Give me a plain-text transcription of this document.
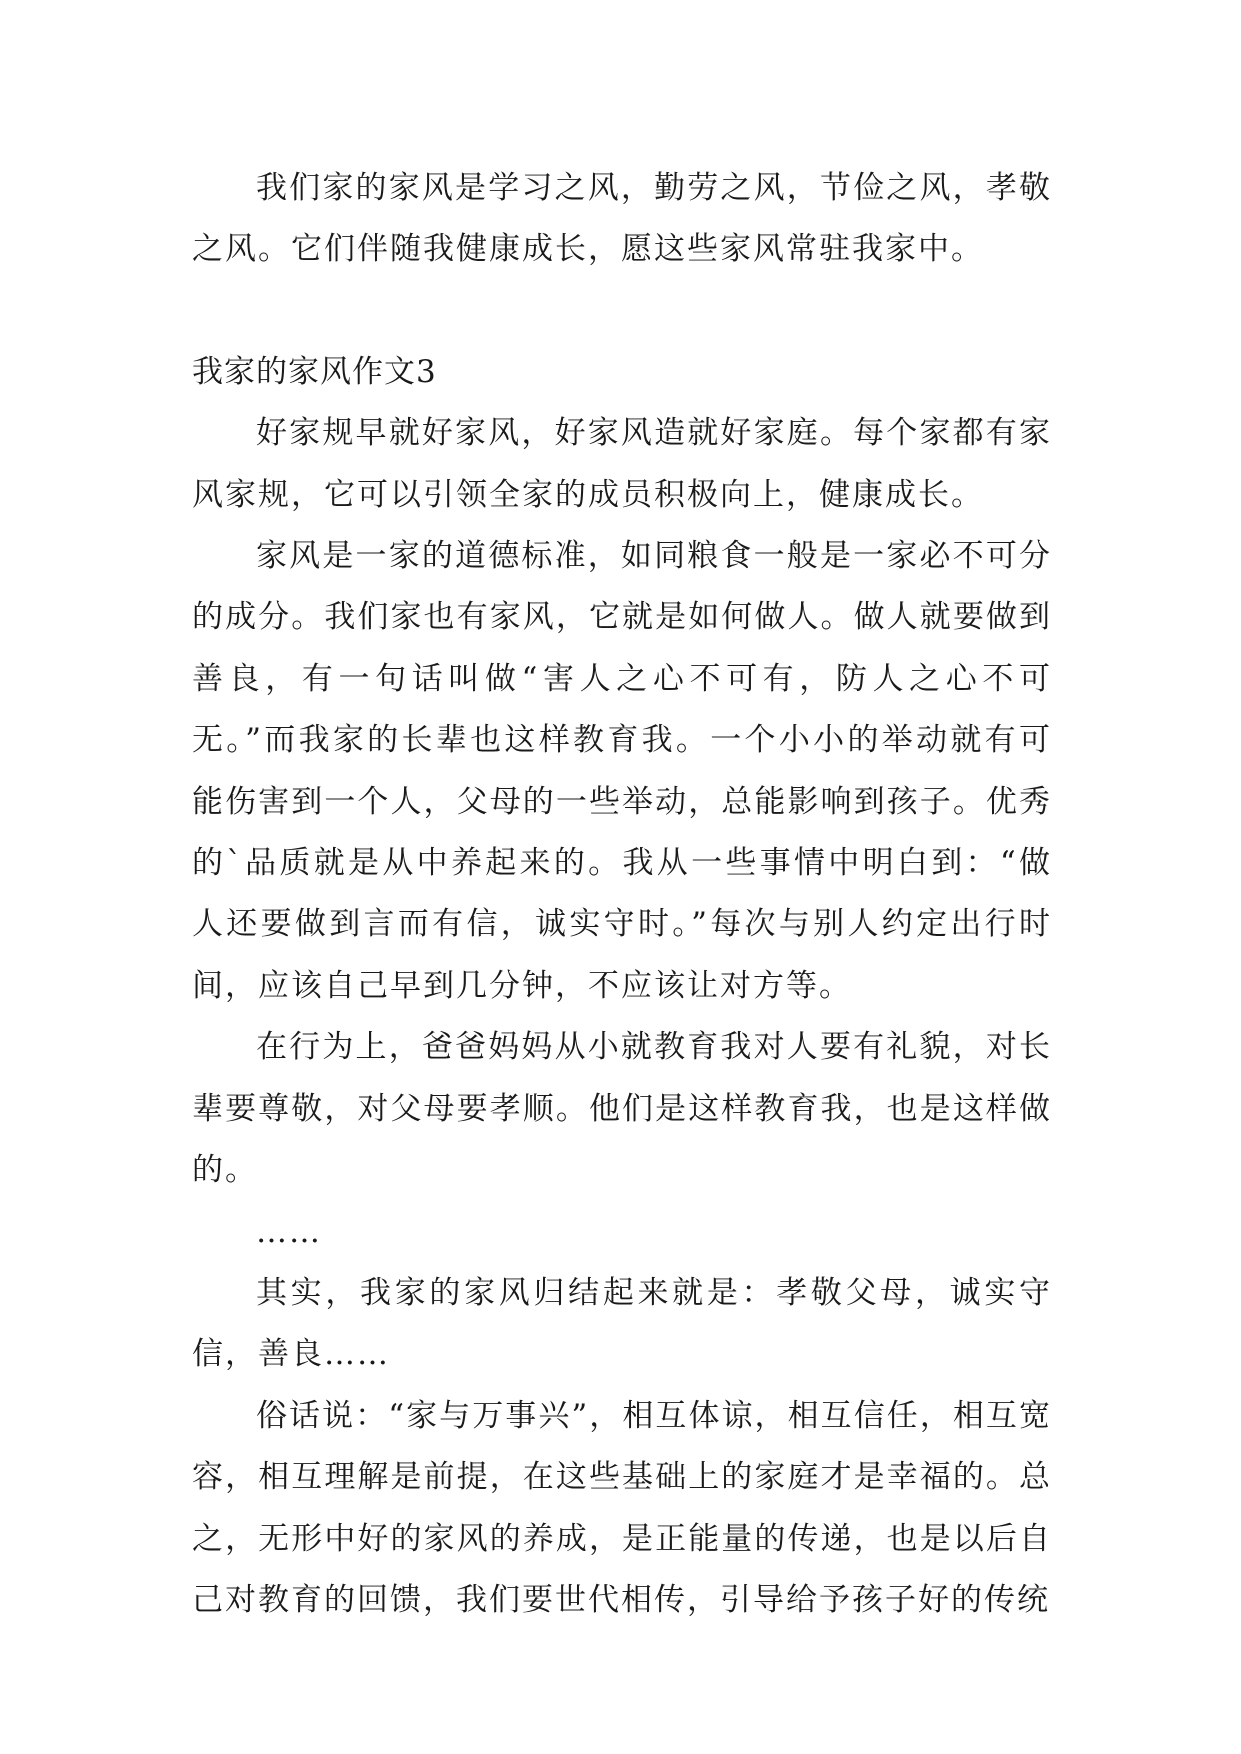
我们家的家风是学习之风，勤劳之风，节俭之风，孝敬之风。它们伴随我健康成长，愿这些家风常驻我家中。

我家的家风作文3

好家规早就好家风，好家风造就好家庭。每个家都有家风家规，它可以引领全家的成员积极向上，健康成长。

家风是一家的道德标准，如同粮食一般是一家必不可分的成分。我们家也有家风，它就是如何做人。做人就要做到善良，有一句话叫做“害人之心不可有，防人之心不可无。”而我家的长辈也这样教育我。一个小小的举动就有可能伤害到一个人，父母的一些举动，总能影响到孩子。优秀的`品质就是从中养起来的。我从一些事情中明白到：“做人还要做到言而有信，诚实守时。”每次与别人约定出行时间，应该自己早到几分钟，不应该让对方等。

在行为上，爸爸妈妈从小就教育我对人要有礼貌，对长辈要尊敬，对父母要孝顺。他们是这样教育我，也是这样做的。

……

其实，我家的家风归结起来就是：孝敬父母，诚实守信，善良……

俗话说：“家与万事兴”，相互体谅，相互信任，相互宽容，相互理解是前提，在这些基础上的家庭才是幸福的。总之，无形中好的家风的养成，是正能量的传递，也是以后自己对教育的回馈，我们要世代相传，引导给予孩子好的传统
